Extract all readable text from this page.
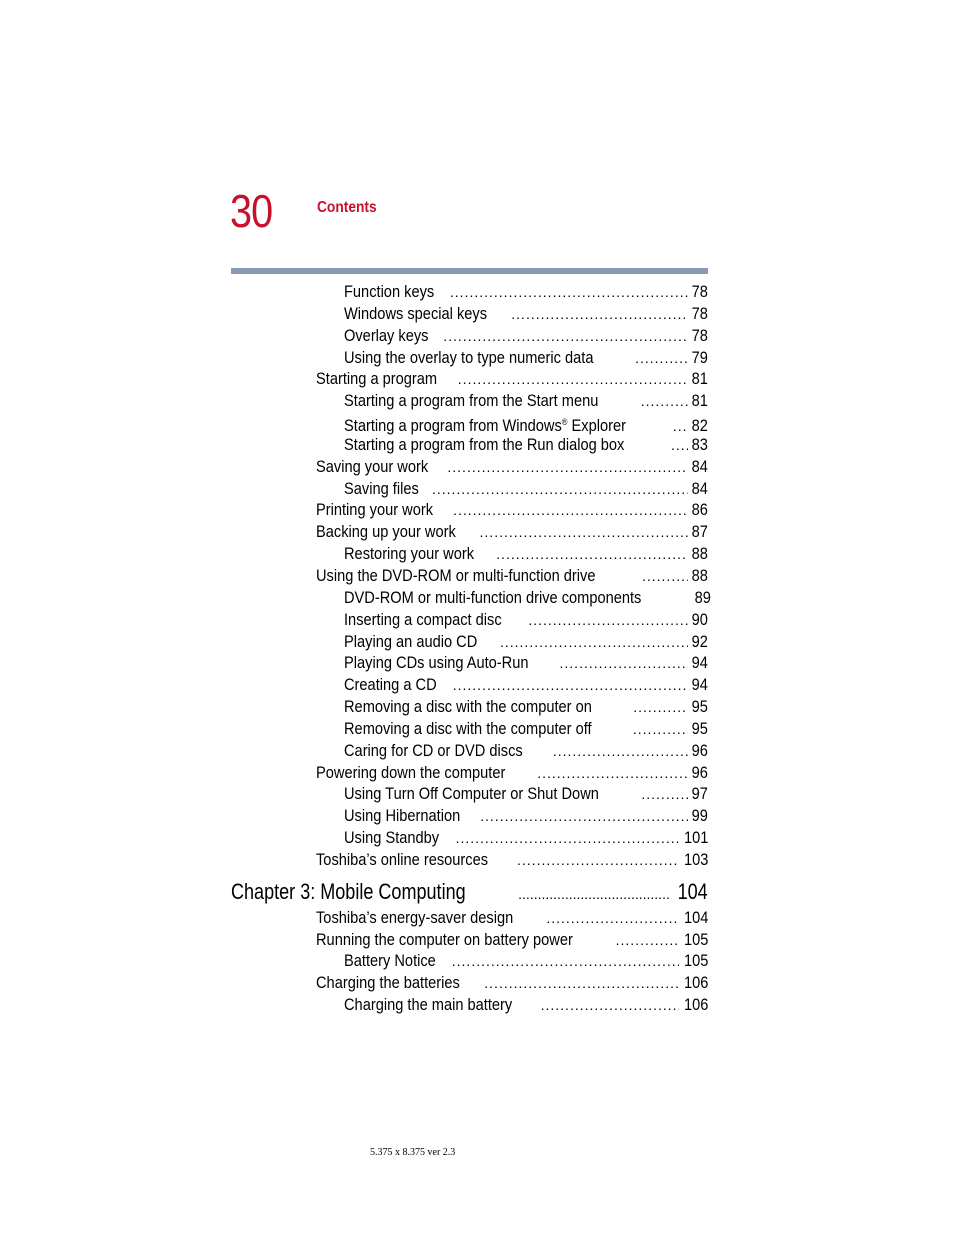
30	Contents
Function keys .....	78
Windows special keys .....	78
Overlay keys .....	78
Using the overlay to type numeric data .....	79
Starting a program .....	81
Starting a program from the Start menu .....	81
Starting a program from Windows® Explorer .....	82
Starting a program from the Run dialog box .....	83
Saving your work .....	84
Saving files .....	84
Printing your work .....	86
Backing up your work .....	87
Restoring your work .....	88
Using the DVD-ROM or multi-function drive .....	88
DVD-ROM or multi-function drive components	89
Inserting a compact disc .....	90
Playing an audio CD .....	92
Playing CDs using Auto-Run .....	94
Creating a CD .....	94
Removing a disc with the computer on .....	95
Removing a disc with the computer off .....	95
Caring for CD or DVD discs .....	96
Powering down the computer .....	96
Using Turn Off Computer or Shut Down .....	97
Using Hibernation .....	99
Using Standby .....	101
Toshiba’s online resources .....	103
Chapter 3: Mobile Computing .....	104
Toshiba’s energy-saver design .....	104
Running the computer on battery power .....	105
Battery Notice .....	105
Charging the batteries .....	106
Charging the main battery .....	106
5.375 x 8.375 ver 2.3
